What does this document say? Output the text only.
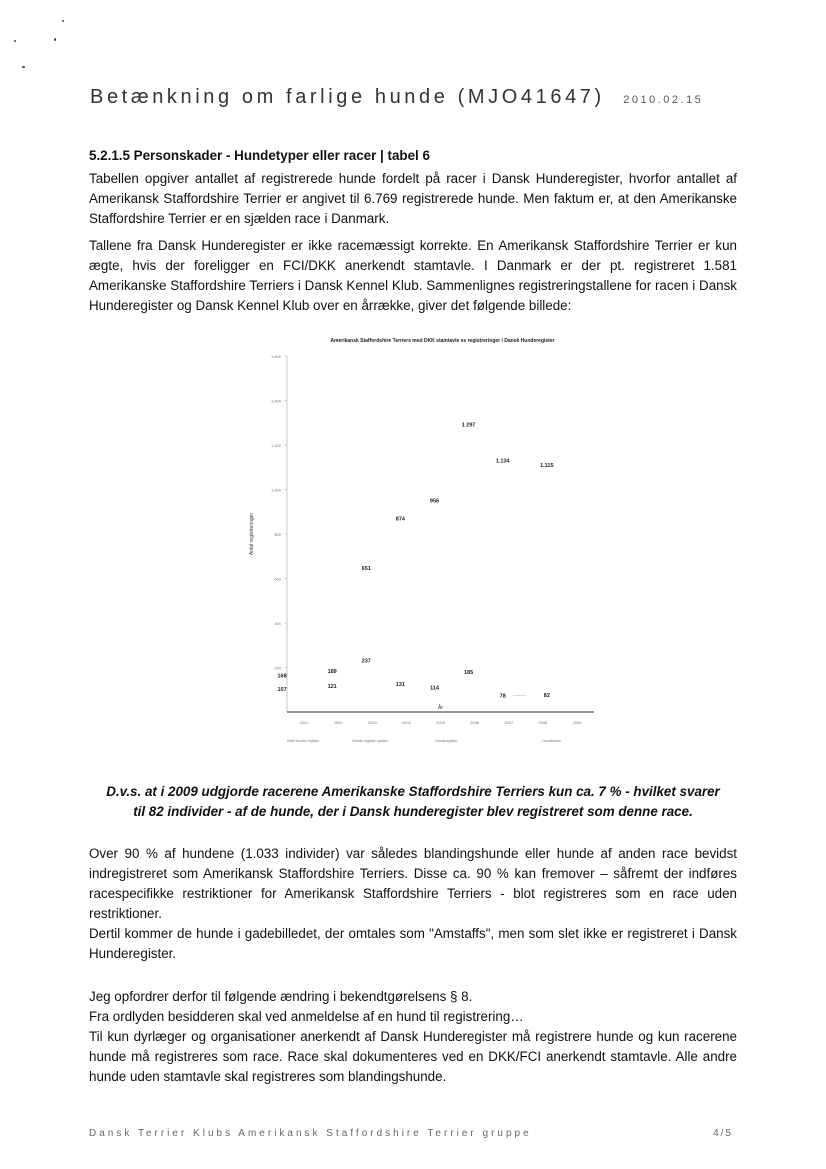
Betænkning om farlige hunde (MJO41647) 2010.02.15
5.2.1.5 Personskader - Hundetyper eller racer | tabel 6

Tabellen opgiver antallet af registrerede hunde fordelt på racer i Dansk Hunderegister, hvorfor antallet af Amerikansk Staffordshire Terrier er angivet til 6.769 registrerede hunde. Men faktum er, at den Amerikanske Staffordshire Terrier er en sjælden race i Danmark.

Tallene fra Dansk Hunderegister er ikke racemæssigt korrekte. En Amerikansk Staffordshire Terrier er kun ægte, hvis der foreligger en FCI/DKK anerkendt stamtavle. I Danmark er der pt. registreret 1.581 Amerikanske Staffordshire Terriers i Dansk Kennel Klub. Sammenlignes registreringstallene for racen i Dansk Hunderegister og Dansk Kennel Klub over en årrække, giver det følgende billede:

Amerikansk Staffordshire Terriers med DKK stamtavle vs registreringer i Dansk Hunderegister
1.600
1.400
1.200
1.000
800
600
400
200
Antal registreringer
År
2001	2002	2003	2004	2005	2006	2007	2008	2009
168
189
651
874
956
1 297
1.134
1.115
107
121
237
131
114
185
78	82
Indtil Hunde-register	Hunde-register opstart	Hunderegister	Hundeloven

D.v.s. at i 2009 udgjorde racerene Amerikanske Staffordshire Terriers kun ca. 7 % - hvilket svarer til 82 individer - af de hunde, der i Dansk hunderegister blev registreret som denne race.

Over 90 % af hundene (1.033 individer) var således blandingshunde eller hunde af anden race bevidst indregistreret som Amerikansk Staffordshire Terriers. Disse ca. 90 % kan fremover – såfremt der indføres racespecifikke restriktioner for Amerikansk Staffordshire Terriers - blot registreres som en race uden restriktioner.

Dertil kommer de hunde i gadebilledet, der omtales som "Amstaffs", men som slet ikke er registreret i Dansk Hunderegister.

Jeg opfordrer derfor til følgende ændring i bekendtgørelsens § 8.

Fra ordlyden besidderen skal ved anmeldelse af en hund til registrering…

Til kun dyrlæger og organisationer anerkendt af Dansk Hunderegister må registrere hunde og kun racerene hunde må registreres som race. Race skal dokumenteres ved en DKK/FCI anerkendt stamtavle. Alle andre hunde uden stamtavle skal registreres som blandingshunde.

Dansk Terrier Klubs Amerikansk Staffordshire Terrier gruppe	4/5
